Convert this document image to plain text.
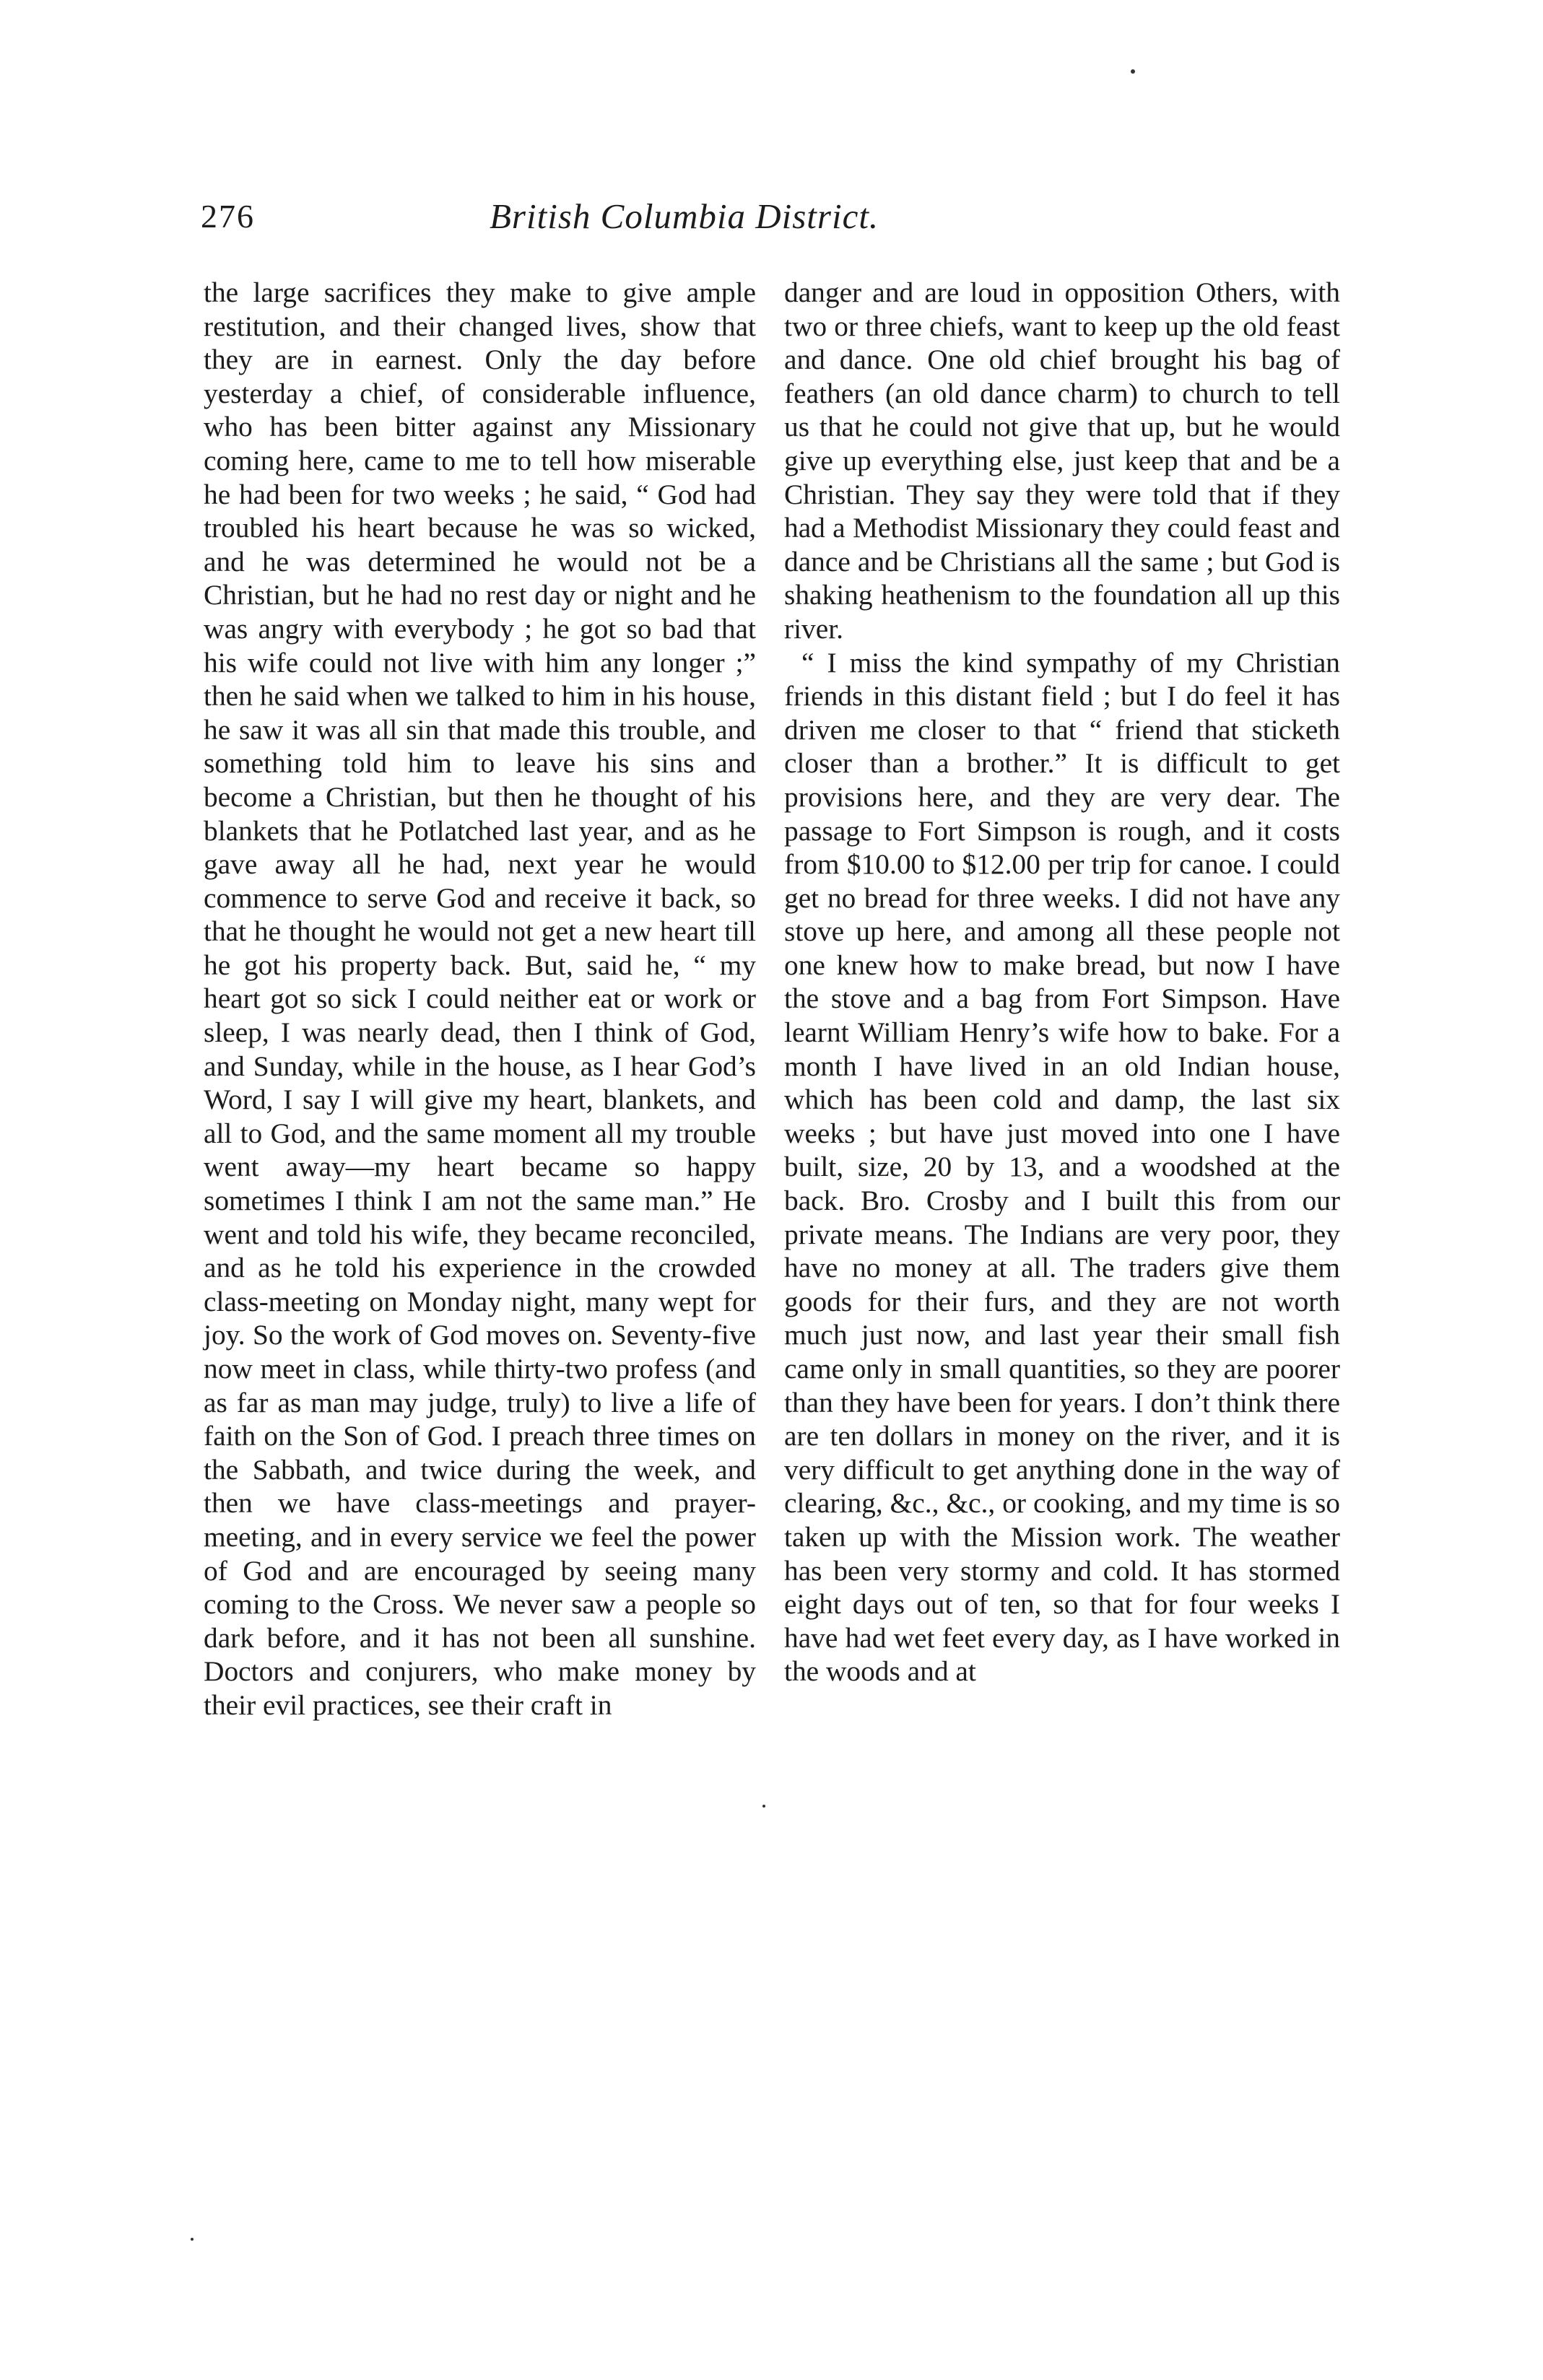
276	British Columbia District.

the large sacrifices they make to give ample restitution, and their changed lives, show that they are in earnest. Only the day before yesterday a chief, of considerable influence, who has been bitter against any Missionary coming here, came to me to tell how miserable he had been for two weeks ; he said, “ God had troubled his heart because he was so wicked, and he was determined he would not be a Christian, but he had no rest day or night and he was angry with everybody ; he got so bad that his wife could not live with him any longer ;” then he said when we talked to him in his house, he saw it was all sin that made this trouble, and something told him to leave his sins and become a Christian, but then he thought of his blankets that he Potlatched last year, and as he gave away all he had, next year he would commence to serve God and receive it back, so that he thought he would not get a new heart till he got his property back. But, said he, “ my heart got so sick I could neither eat or work or sleep, I was nearly dead, then I think of God, and Sunday, while in the house, as I hear God’s Word, I say I will give my heart, blankets, and all to God, and the same moment all my trouble went away—my heart became so happy sometimes I think I am not the same man.” He went and told his wife, they became reconciled, and as he told his experience in the crowded class-meeting on Monday night, many wept for joy. So the work of God moves on. Seventy-five now meet in class, while thirty-two profess (and as far as man may judge, truly) to live a life of faith on the Son of God. I preach three times on the Sabbath, and twice during the week, and then we have class-meetings and prayer-meeting, and in every service we feel the power of God and are encouraged by seeing many coming to the Cross. We never saw a people so dark before, and it has not been all sunshine. Doctors and conjurers, who make money by their evil practices, see their craft in

danger and are loud in opposition Others, with two or three chiefs, want to keep up the old feast and dance. One old chief brought his bag of feathers (an old dance charm) to church to tell us that he could not give that up, but he would give up everything else, just keep that and be a Christian. They say they were told that if they had a Methodist Missionary they could feast and dance and be Christians all the same ; but God is shaking heathenism to the foundation all up this river.

“ I miss the kind sympathy of my Christian friends in this distant field ; but I do feel it has driven me closer to that “ friend that sticketh closer than a brother.” It is difficult to get provisions here, and they are very dear. The passage to Fort Simpson is rough, and it costs from $10.00 to $12.00 per trip for canoe. I could get no bread for three weeks. I did not have any stove up here, and among all these people not one knew how to make bread, but now I have the stove and a bag from Fort Simpson. Have learnt William Henry’s wife how to bake. For a month I have lived in an old Indian house, which has been cold and damp, the last six weeks ; but have just moved into one I have built, size, 20 by 13, and a woodshed at the back. Bro. Crosby and I built this from our private means. The Indians are very poor, they have no money at all. The traders give them goods for their furs, and they are not worth much just now, and last year their small fish came only in small quantities, so they are poorer than they have been for years. I don’t think there are ten dollars in money on the river, and it is very difficult to get anything done in the way of clearing, &c., &c., or cooking, and my time is so taken up with the Mission work. The weather has been very stormy and cold. It has stormed eight days out of ten, so that for four weeks I have had wet feet every day, as I have worked in the woods and at
